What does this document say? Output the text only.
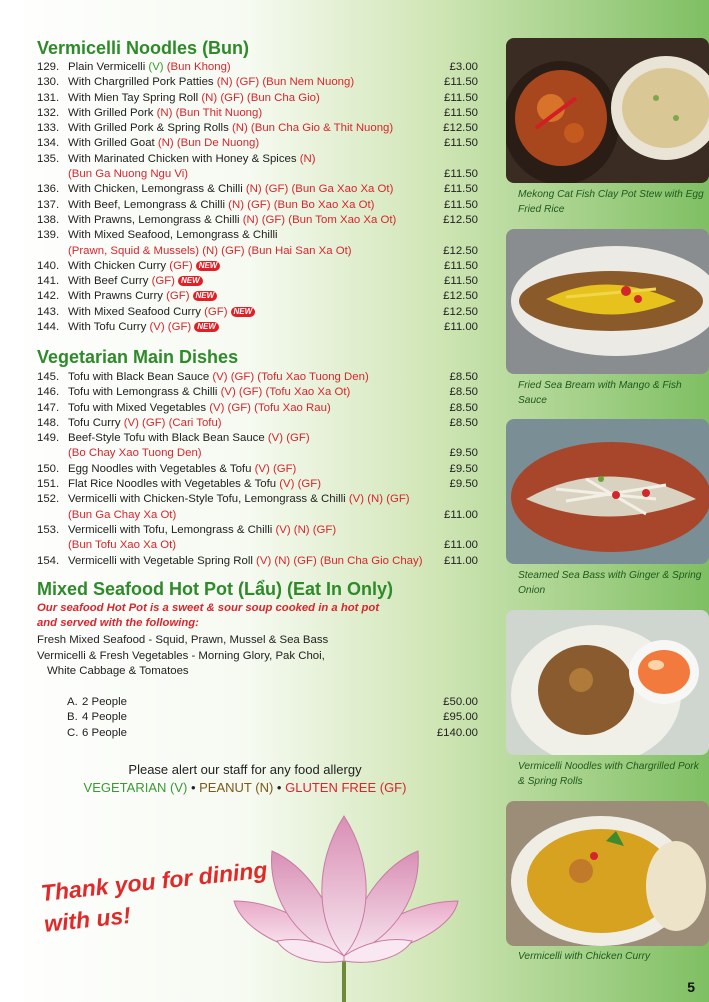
Vermicelli Noodles (Bun)
129. Plain Vermicelli (V) (Bun Khong)	£3.00
130. With Chargrilled Pork Patties (N) (GF) (Bun Nem Nuong)	£11.50
131. With Mien Tay Spring Roll (N) (GF) (Bun Cha Gio)	£11.50
132. With Grilled Pork (N) (Bun Thit Nuong)	£11.50
133. With Grilled Pork & Spring Rolls (N) (Bun Cha Gio & Thit Nuong)	£12.50
134. With Grilled Goat (N) (Bun De Nuong)	£11.50
135. With Marinated Chicken with Honey & Spices (N)
(Bun Ga Nuong Ngu Vi)	£11.50
136. With Chicken, Lemongrass & Chilli (N) (GF) (Bun Ga Xao Xa Ot)	£11.50
137. With Beef, Lemongrass & Chilli (N) (GF) (Bun Bo Xao Xa Ot)	£11.50
138. With Prawns, Lemongrass & Chilli (N) (GF) (Bun Tom Xao Xa Ot)	£12.50
139. With Mixed Seafood, Lemongrass & Chilli
(Prawn, Squid & Mussels) (N) (GF) (Bun Hai San Xa Ot)	£12.50
140. With Chicken Curry (GF) NEW	£11.50
141. With Beef Curry (GF) NEW	£11.50
142. With Prawns Curry (GF) NEW	£12.50
143. With Mixed Seafood Curry (GF) NEW	£12.50
144. With Tofu Curry (V) (GF) NEW	£11.00
Vegetarian Main Dishes
145. Tofu with Black Bean Sauce (V) (GF) (Tofu Xao Tuong Den)	£8.50
146. Tofu with Lemongrass & Chilli (V) (GF) (Tofu Xao Xa Ot)	£8.50
147. Tofu with Mixed Vegetables (V) (GF) (Tofu Xao Rau)	£8.50
148. Tofu Curry (V) (GF) (Cari Tofu)	£8.50
149. Beef-Style Tofu with Black Bean Sauce (V) (GF)
(Bo Chay Xao Tuong Den)	£9.50
150. Egg Noodles with Vegetables & Tofu (V) (GF)	£9.50
151. Flat Rice Noodles with Vegetables & Tofu (V) (GF)	£9.50
152. Vermicelli with Chicken-Style Tofu, Lemongrass & Chilli (V) (N) (GF)
(Bun Ga Chay Xa Ot)	£11.00
153. Vermicelli with Tofu, Lemongrass & Chilli (V) (N) (GF)
(Bun Tofu Xao Xa Ot)	£11.00
154. Vermicelli with Vegetable Spring Roll (V) (N) (GF) (Bun Cha Gio Chay) £11.00
Mixed Seafood Hot Pot (Lẩu) (Eat In Only)
Our seafood Hot Pot is a sweet & sour soup cooked in a hot pot
and served with the following:
Fresh Mixed Seafood - Squid, Prawn, Mussel & Sea Bass
Vermicelli & Fresh Vegetables - Morning Glory, Pak Choi,
White Cabbage & Tomatoes
A. 2 People	£50.00
B. 4 People	£95.00
C. 6 People	£140.00
Please alert our staff for any food allergy
VEGETARIAN (V) • PEANUT (N) • GLUTEN FREE (GF)
Thank you for dining with us!
Mekong Cat Fish Clay Pot Stew with Egg Fried Rice
Fried Sea Bream with Mango & Fish Sauce
Steamed Sea Bass with Ginger & Spring Onion
Vermicelli Noodles with Chargrilled Pork & Spring Rolls
Vermicelli with Chicken Curry
5
